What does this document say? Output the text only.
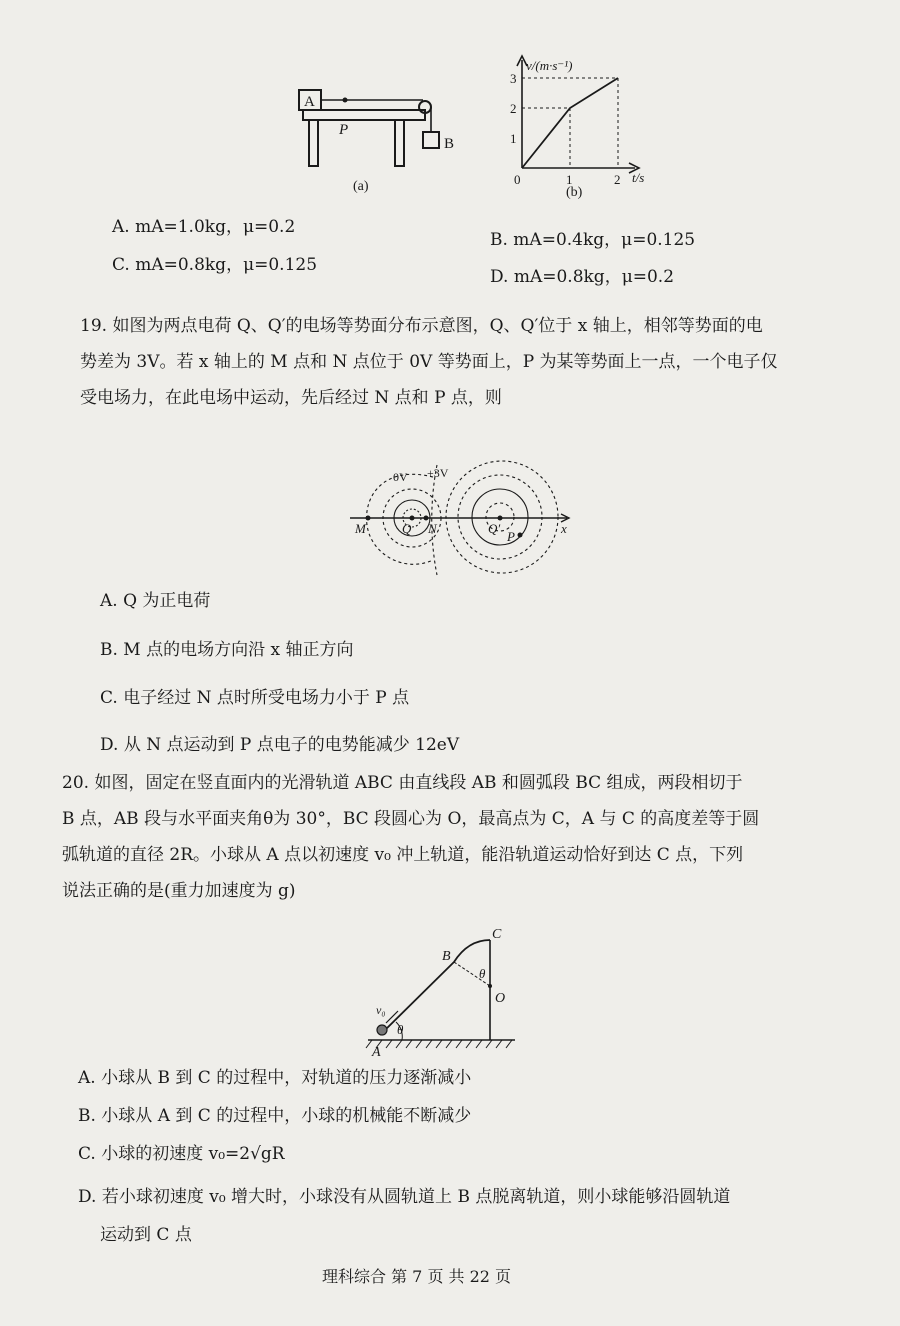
A
P
B
(a)
v/(m·s⁻¹)
t/s
3
2
1
0	1	2
(b)
A. mA=1.0kg，μ=0.2
B. mA=0.4kg，μ=0.125
C. mA=0.8kg，μ=0.125
D. mA=0.8kg，μ=0.2
19. 如图为两点电荷 Q、Q′的电场等势面分布示意图，Q、Q′位于 x 轴上，相邻等势面的电
势差为 3V。若 x 轴上的 M 点和 N 点位于 0V 等势面上，P 为某等势面上一点，一个电子仅
受电场力，在此电场中运动，先后经过 N 点和 P 点，则
0V +3V
M	Q N	Q′
P
x
A. Q 为正电荷
B. M 点的电场方向沿 x 轴正方向
C. 电子经过 N 点时所受电场力小于 P 点
D. 从 N 点运动到 P 点电子的电势能减少 12eV
20. 如图，固定在竖直面内的光滑轨道 ABC 由直线段 AB 和圆弧段 BC 组成，两段相切于
B 点，AB 段与水平面夹角θ为 30°，BC 段圆心为 O，最高点为 C，A 与 C 的高度差等于圆
弧轨道的直径 2R。小球从 A 点以初速度 v₀ 冲上轨道，能沿轨道运动恰好到达 C 点，下列
说法正确的是(重力加速度为 g)
A
B
C
O
θ
θ
v₀
A. 小球从 B 到 C 的过程中，对轨道的压力逐渐减小
B. 小球从 A 到 C 的过程中，小球的机械能不断减少
C. 小球的初速度 v₀=2√gR
D. 若小球初速度 v₀ 增大时，小球没有从圆轨道上 B 点脱离轨道，则小球能够沿圆轨道
运动到 C 点
理科综合 第 7 页 共 22 页
